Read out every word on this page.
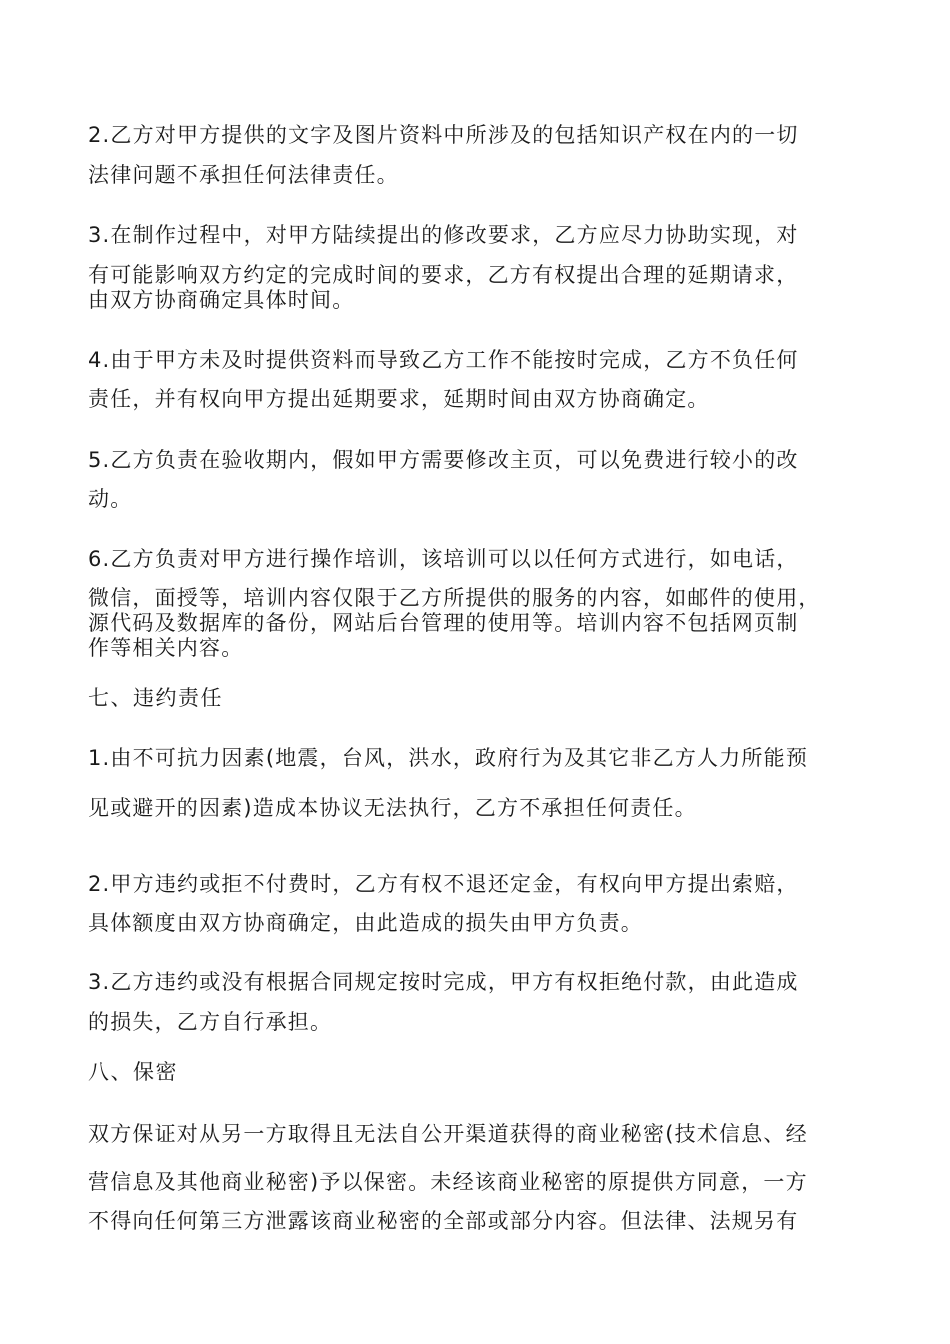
2.乙方对甲方提供的文字及图片资料中所涉及的包括知识产权在内的一切
法律问题不承担任何法律责任。
3.在制作过程中，对甲方陆续提出的修改要求，乙方应尽力协助实现，对
有可能影响双方约定的完成时间的要求，乙方有权提出合理的延期请求，
由双方协商确定具体时间。
4.由于甲方未及时提供资料而导致乙方工作不能按时完成，乙方不负任何
责任，并有权向甲方提出延期要求，延期时间由双方协商确定。
5.乙方负责在验收期内，假如甲方需要修改主页，可以免费进行较小的改
动。
6.乙方负责对甲方进行操作培训，该培训可以以任何方式进行，如电话，
微信，面授等，培训内容仅限于乙方所提供的服务的内容，如邮件的使用，
源代码及数据库的备份，网站后台管理的使用等。培训内容不包括网页制
作等相关内容。
七、违约责任
1.由不可抗力因素(地震，台风，洪水，政府行为及其它非乙方人力所能预
见或避开的因素)造成本协议无法执行，乙方不承担任何责任。
2.甲方违约或拒不付费时，乙方有权不退还定金，有权向甲方提出索赔，
具体额度由双方协商确定，由此造成的损失由甲方负责。
3.乙方违约或没有根据合同规定按时完成，甲方有权拒绝付款，由此造成
的损失，乙方自行承担。
八、保密
双方保证对从另一方取得且无法自公开渠道获得的商业秘密(技术信息、经
营信息及其他商业秘密)予以保密。未经该商业秘密的原提供方同意，一方
不得向任何第三方泄露该商业秘密的全部或部分内容。但法律、法规另有
